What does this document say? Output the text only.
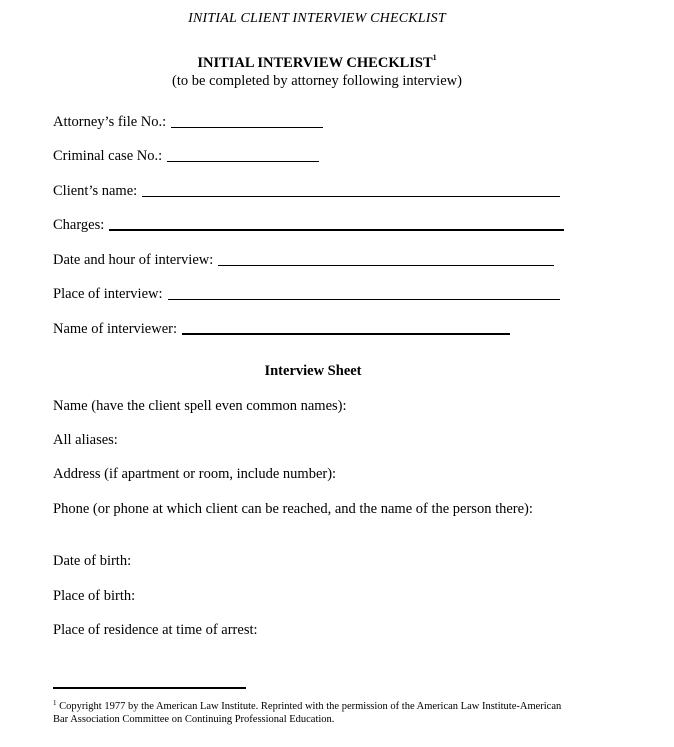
INITIAL CLIENT INTERVIEW CHECKLIST
INITIAL INTERVIEW CHECKLIST$^1$
(to be completed by attorney following interview)
Attorney’s file No.:
Criminal case No.:
Client’s name:
Charges:
Date and hour of interview:
Place of interview:
Name of interviewer:
Interview Sheet
Name (have the client spell even common names):
All aliases:
Address (if apartment or room, include number):
Phone (or phone at which client can be reached, and the name of the person there):
Date of birth:
Place of birth:
Place of residence at time of arrest:
$^1$ Copyright 1977 by the American Law Institute. Reprinted with the permission of the American Law Institute-American Bar Association Committee on Continuing Professional Education.
